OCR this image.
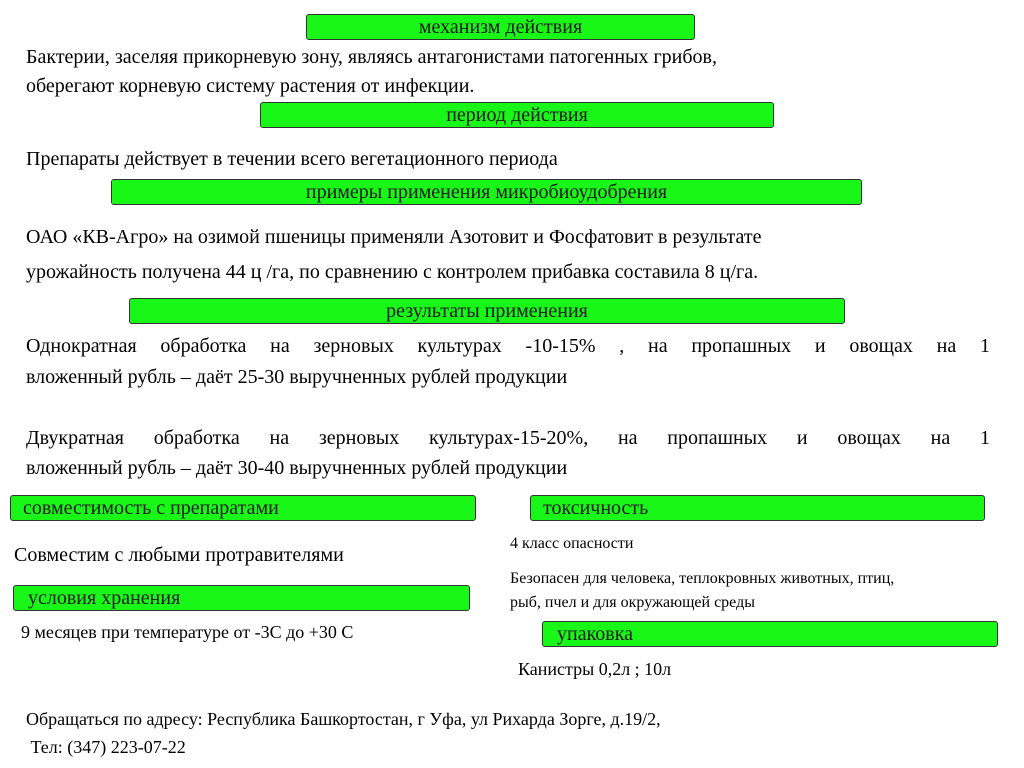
механизм действия
Бактерии, заселяя прикорневую зону, являясь антагонистами патогенных грибов,
оберегают корневую систему растения от инфекции.
период действия
Препараты действует в течении всего вегетационного периода
примеры применения микробиоудобрения
ОАО «КВ-Агро» на озимой пшеницы применяли Азотовит и Фосфатовит в результате
урожайность получена 44 ц /га, по сравнению с контролем прибавка составила 8 ц/га.
результаты применения
Однократная обработка на зерновых культурах -10-15% , на пропашных и овощах на 1
вложенный рубль – даёт 25-30 выручненных рублей продукции
Двукратная обработка на зерновых культурах-15-20%, на пропашных и овощах на 1
вложенный рубль – даёт 30-40 выручненных рублей продукции
совместимость с препаратами
Совместим с любыми протравителями
токсичность
4 класс опасности
Безопасен для человека, теплокровных животных, птиц,
рыб, пчел и для окружающей среды
условия хранения
9 месяцев при температуре от -3С до +30 С	упаковка
Канистры 0,2л ; 10л
Обращаться по адресу: Республика Башкортостан, г Уфа, ул Рихарда Зорге, д.19/2,
Тел: (347) 223-07-22
